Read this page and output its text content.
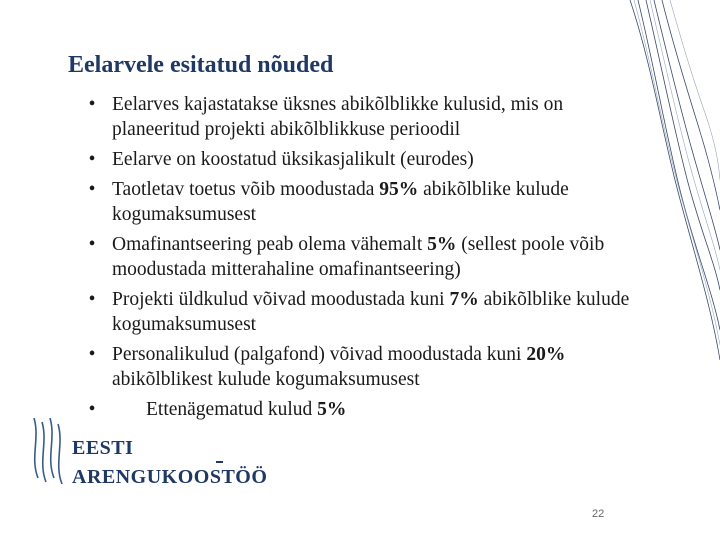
Eelarvele esitatud nõuded
• Eelarves kajastatakse üksnes abikõlblikke kulusid, mis on planeeritud projekti abikõlblikkuse perioodil
• Eelarve on koostatud üksikasjalikult (eurodes)
• Taotletav toetus võib moodustada 95% abikõlblike kulude kogumaksumusest
• Omafinantseering peab olema vähemalt 5% (sellest poole võib moodustada mitterahaline omafinantseering)
• Projekti üldkulud võivad moodustada kuni 7% abikõlblike kulude kogumaksumusest
• Personalikulud (palgafond) võivad moodustada kuni 20% abikõlblikest kulude kogumaksumusest
•	Ettenägematud kulud 5%
EESTI
ARENGUKOOSTÖÖ
22
